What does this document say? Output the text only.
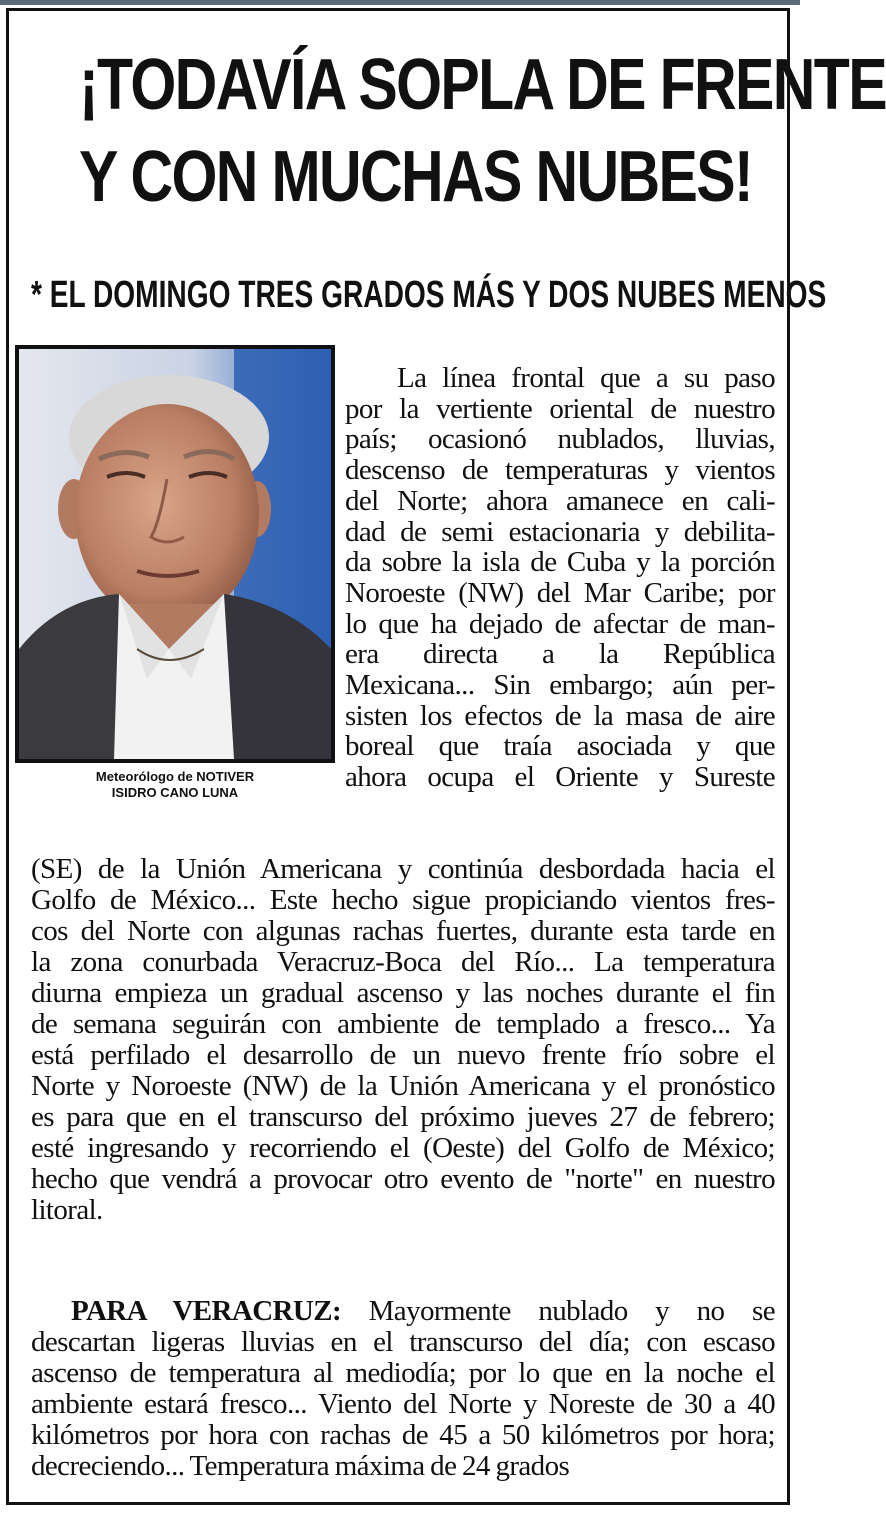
¡TODAVÍA SOPLA DE FRENTE
Y CON MUCHAS NUBES!
* EL DOMINGO TRES GRADOS MÁS Y DOS NUBES MENOS
Meteorólogo de NOTIVER
ISIDRO CANO LUNA

La línea frontal que a su paso
por la vertiente oriental de nuestro
país; ocasionó nublados, lluvias,
descenso de temperaturas y vientos
del Norte; ahora amanece en cali-
dad de semi estacionaria y debilita-
da sobre la isla de Cuba y la porción
Noroeste (NW) del Mar Caribe; por
lo que ha dejado de afectar de man-
era directa a la República
Mexicana... Sin embargo; aún per-
sisten los efectos de la masa de aire
boreal que traía asociada y que
ahora ocupa el Oriente y Sureste

(SE) de la Unión Americana y continúa desbordada hacia el
Golfo de México... Este hecho sigue propiciando vientos fres-
cos del Norte con algunas rachas fuertes, durante esta tarde en
la zona conurbada Veracruz-Boca del Río... La temperatura
diurna empieza un gradual ascenso y las noches durante el fin
de semana seguirán con ambiente de templado a fresco... Ya
está perfilado el desarrollo de un nuevo frente frío sobre el
Norte y Noroeste (NW) de la Unión Americana y el pronóstico
es para que en el transcurso del próximo jueves 27 de febrero;
esté ingresando y recorriendo el (Oeste) del Golfo de México;
hecho que vendrá a provocar otro evento de "norte" en nuestro
litoral.

PARA VERACRUZ: Mayormente nublado y no se
descartan ligeras lluvias en el transcurso del día; con escaso
ascenso de temperatura al mediodía; por lo que en la noche el
ambiente estará fresco... Viento del Norte y Noreste de 30 a 40
kilómetros por hora con rachas de 45 a 50 kilómetros por hora;
decreciendo... Temperatura máxima de 24 grados
